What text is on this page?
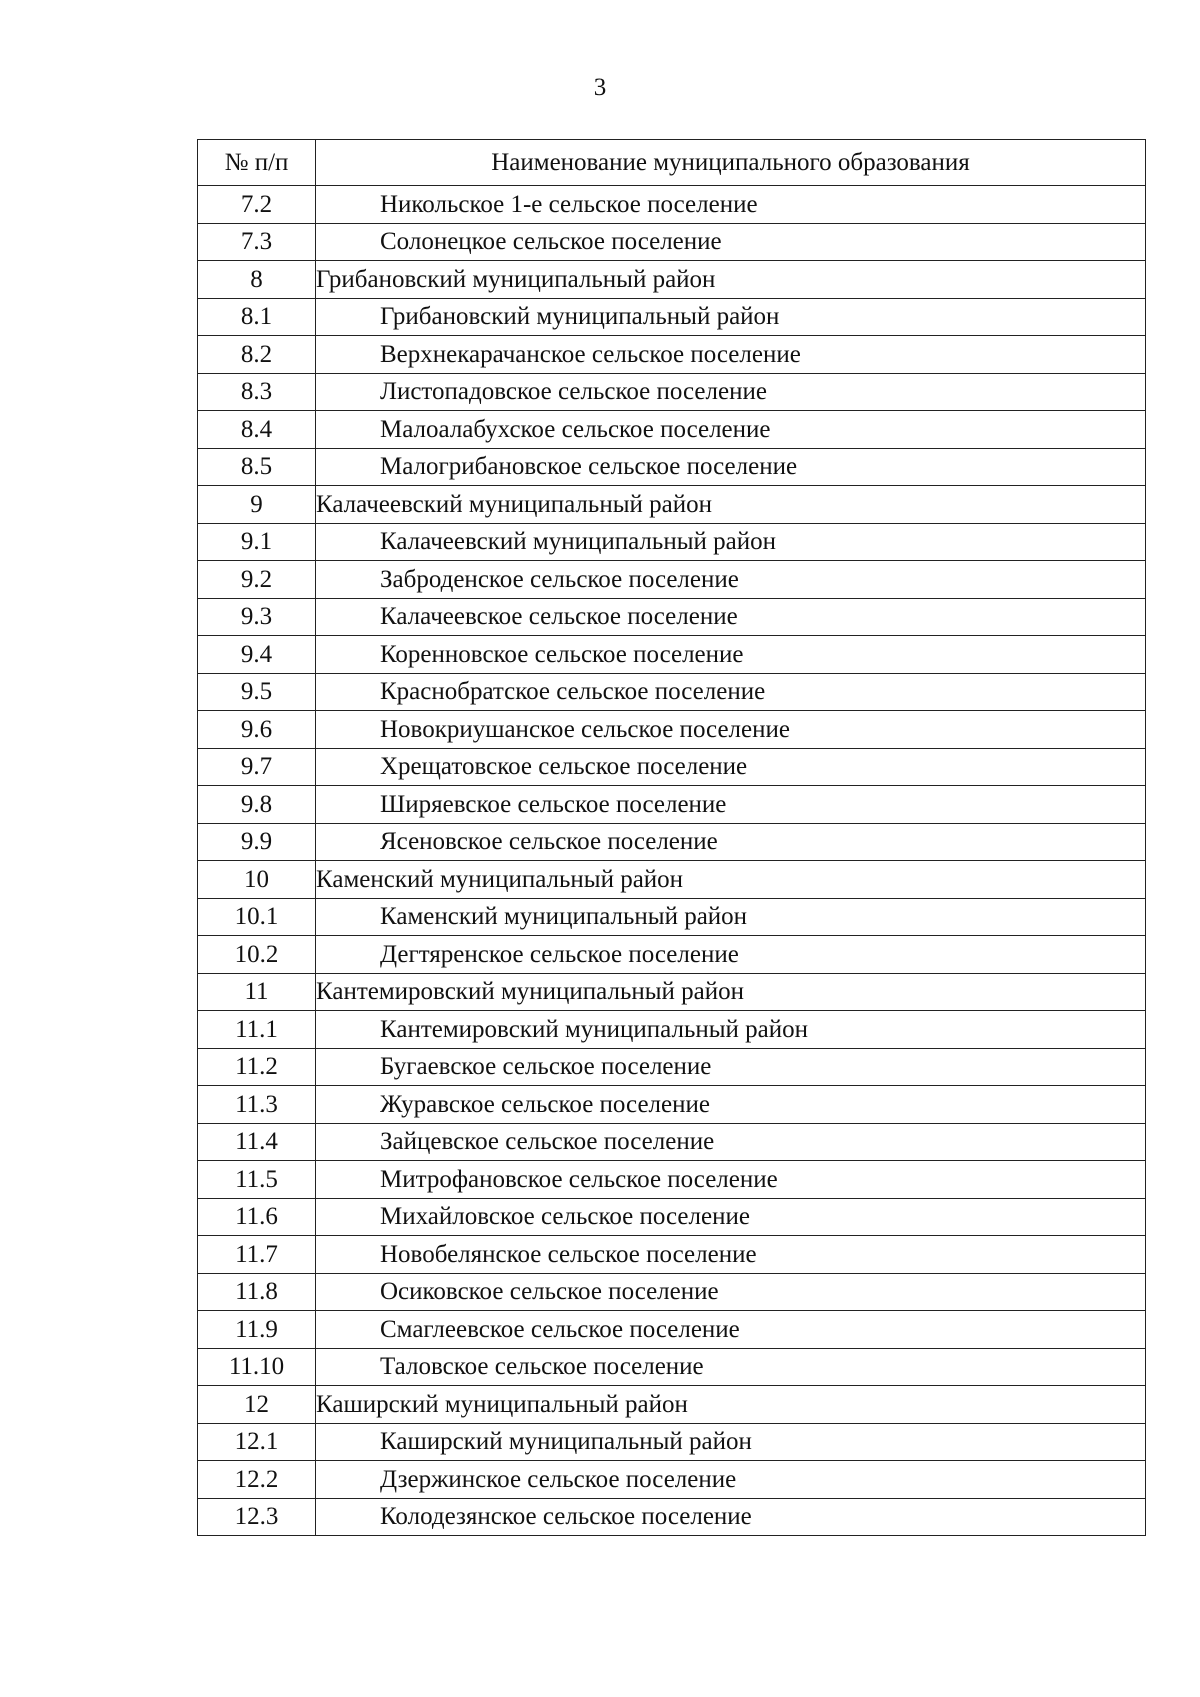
3
№ п/п	Наименование муниципального образования
7.2	Никольское 1-е сельское поселение
7.3	Солонецкое сельское поселение
8	Грибановский муниципальный район
8.1	Грибановский муниципальный район
8.2	Верхнекарачанское сельское поселение
8.3	Листопадовское сельское поселение
8.4	Малоалабухское сельское поселение
8.5	Малогрибановское сельское поселение
9	Калачеевский муниципальный район
9.1	Калачеевский муниципальный район
9.2	Заброденское сельское поселение
9.3	Калачеевское сельское поселение
9.4	Коренновское сельское поселение
9.5	Краснобратское сельское поселение
9.6	Новокриушанское сельское поселение
9.7	Хрещатовское сельское поселение
9.8	Ширяевское сельское поселение
9.9	Ясеновское сельское поселение
10	Каменский муниципальный район
10.1	Каменский муниципальный район
10.2	Дегтяренское сельское поселение
11	Кантемировский муниципальный район
11.1	Кантемировский муниципальный район
11.2	Бугаевское сельское поселение
11.3	Журавское сельское поселение
11.4	Зайцевское сельское поселение
11.5	Митрофановское сельское поселение
11.6	Михайловское сельское поселение
11.7	Новобелянское сельское поселение
11.8	Осиковское сельское поселение
11.9	Смаглеевское сельское поселение
11.10	Таловское сельское поселение
12	Каширский муниципальный район
12.1	Каширский муниципальный район
12.2	Дзержинское сельское поселение
12.3	Колодезянское сельское поселение
